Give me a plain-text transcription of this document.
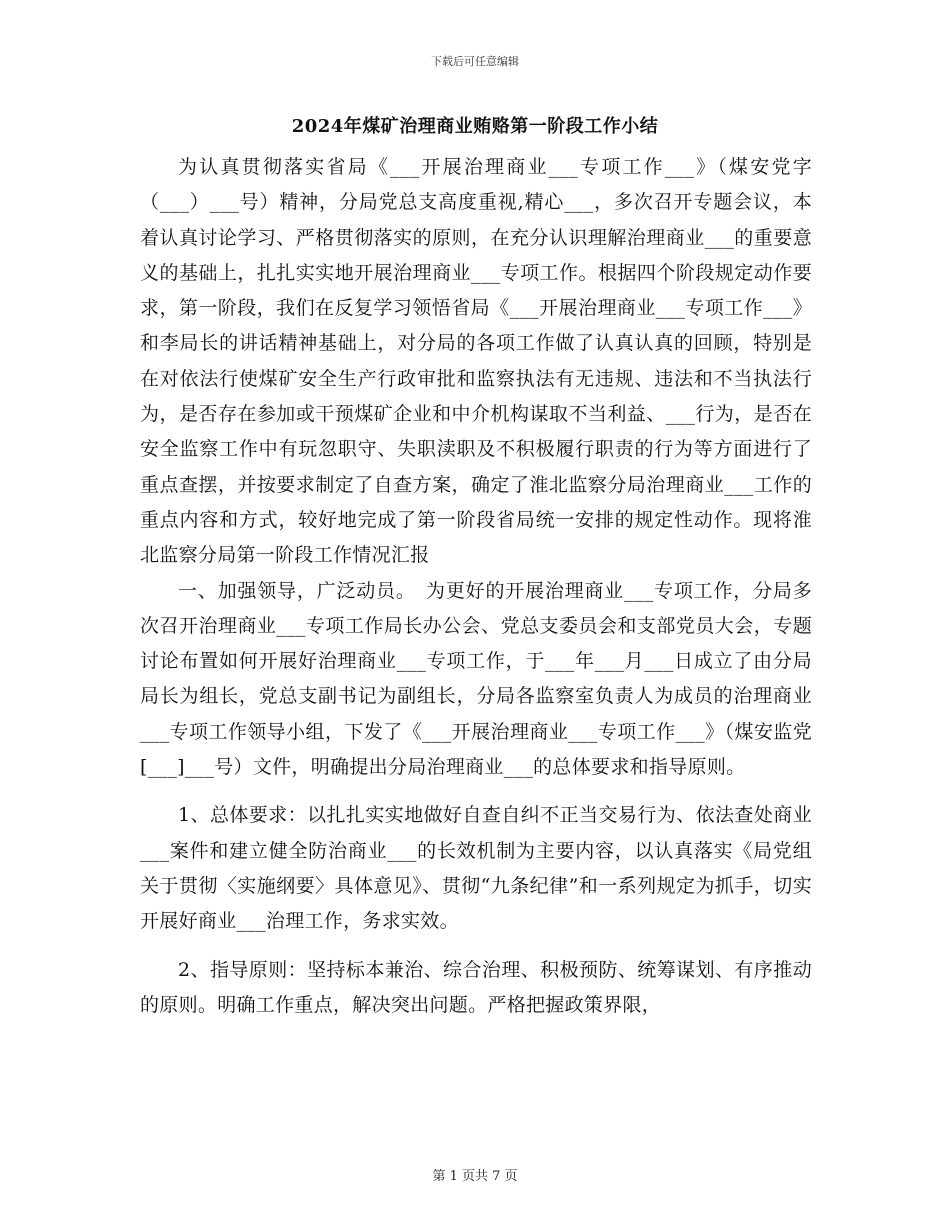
下载后可任意编辑
2024年煤矿治理商业贿赂第一阶段工作小结

为认真贯彻落实省局《___开展治理商业___专项工作___》（煤安党字（___）___号）精神，分局党总支高度重视,精心___，多次召开专题会议，本着认真讨论学习、严格贯彻落实的原则，在充分认识理解治理商业___的重要意义的基础上，扎扎实实地开展治理商业___专项工作。根据四个阶段规定动作要求，第一阶段，我们在反复学习领悟省局《___开展治理商业___专项工作___》和李局长的讲话精神基础上，对分局的各项工作做了认真认真的回顾，特别是在对依法行使煤矿安全生产行政审批和监察执法有无违规、违法和不当执法行为，是否存在参加或干预煤矿企业和中介机构谋取不当利益、___行为，是否在安全监察工作中有玩忽职守、失职渎职及不积极履行职责的行为等方面进行了重点查摆，并按要求制定了自查方案，确定了淮北监察分局治理商业___工作的重点内容和方式，较好地完成了第一阶段省局统一安排的规定性动作。现将淮北监察分局第一阶段工作情况汇报

一、加强领导，广泛动员。　为更好的开展治理商业___专项工作，分局多次召开治理商业___专项工作局长办公会、党总支委员会和支部党员大会，专题讨论布置如何开展好治理商业___专项工作，于___年___月___日成立了由分局局长为组长，党总支副书记为副组长，分局各监察室负责人为成员的治理商业___专项工作领导小组，下发了《___开展治理商业___专项工作___》（煤安监党[___]___号）文件，明确提出分局治理商业___的总体要求和指导原则。

1、总体要求：以扎扎实实地做好自查自纠不正当交易行为、依法查处商业___案件和建立健全防治商业___的长效机制为主要内容，以认真落实《局党组关于贯彻〈实施纲要〉具体意见》、贯彻“九条纪律”和一系列规定为抓手，切实开展好商业___治理工作，务求实效。

2、指导原则：坚持标本兼治、综合治理、积极预防、统筹谋划、有序推动的原则。明确工作重点，解决突出问题。严格把握政策界限，

第 1 页共 7 页
